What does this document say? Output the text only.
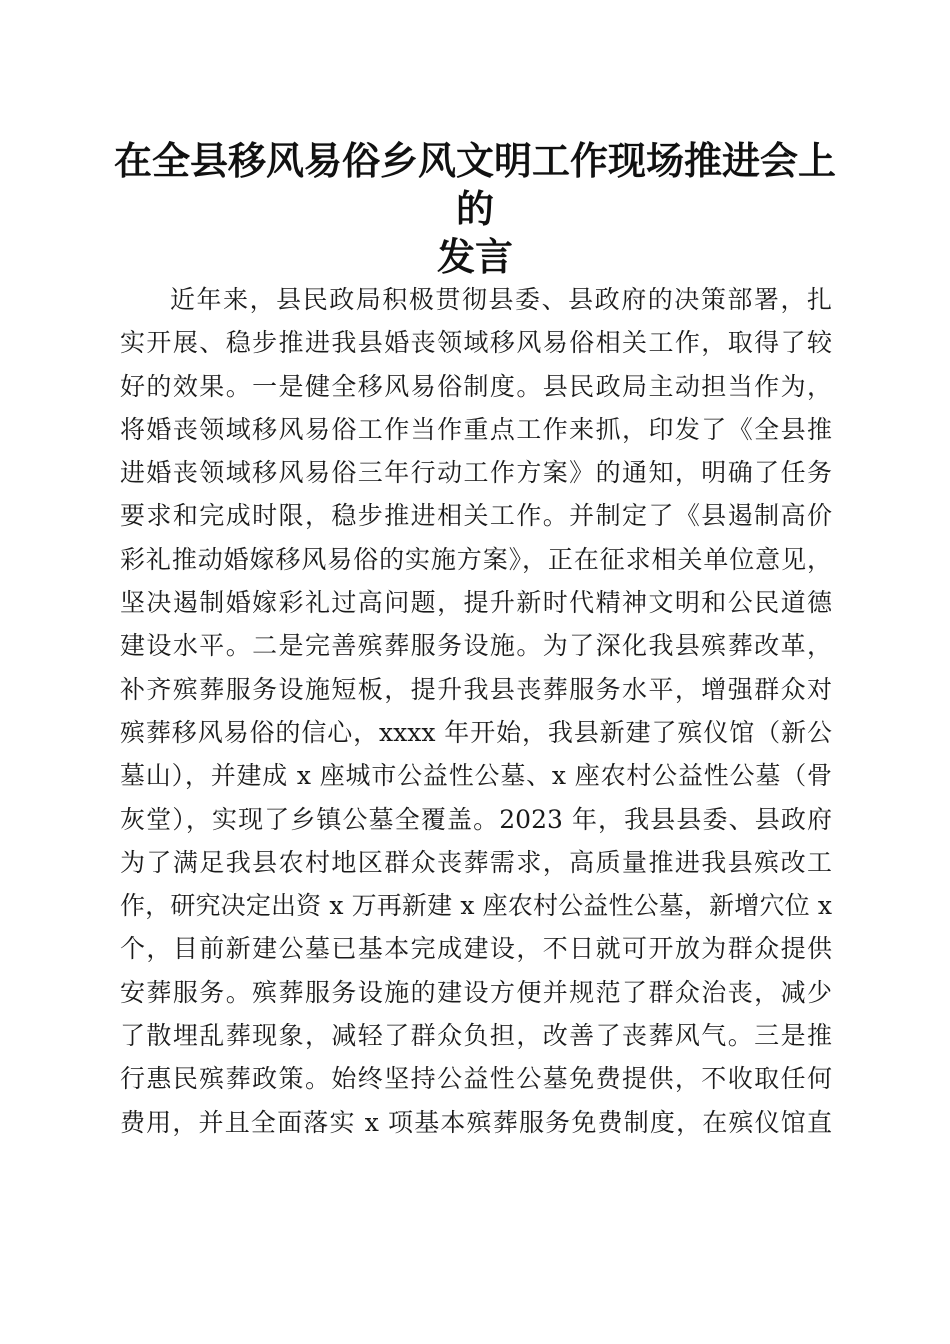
在全县移风易俗乡风文明工作现场推进会上的
发言
近年来，县民政局积极贯彻县委、县政府的决策部署，扎
实开展、稳步推进我县婚丧领域移风易俗相关工作，取得了较
好的效果。一是健全移风易俗制度。县民政局主动担当作为，
将婚丧领域移风易俗工作当作重点工作来抓，印发了《全县推
进婚丧领域移风易俗三年行动工作方案》的通知，明确了任务
要求和完成时限，稳步推进相关工作。并制定了《县遏制高价
彩礼推动婚嫁移风易俗的实施方案》，正在征求相关单位意见，
坚决遏制婚嫁彩礼过高问题，提升新时代精神文明和公民道德
建设水平。二是完善殡葬服务设施。为了深化我县殡葬改革，
补齐殡葬服务设施短板，提升我县丧葬服务水平，增强群众对
殡葬移风易俗的信心，xxxx 年开始，我县新建了殡仪馆（新公
墓山），并建成 x 座城市公益性公墓、x 座农村公益性公墓（骨
灰堂），实现了乡镇公墓全覆盖。2023 年，我县县委、县政府
为了满足我县农村地区群众丧葬需求，高质量推进我县殡改工
作，研究决定出资 x 万再新建 x 座农村公益性公墓，新增穴位 x
个，目前新建公墓已基本完成建设，不日就可开放为群众提供
安葬服务。殡葬服务设施的建设方便并规范了群众治丧，减少
了散埋乱葬现象，减轻了群众负担，改善了丧葬风气。三是推
行惠民殡葬政策。始终坚持公益性公墓免费提供，不收取任何
费用，并且全面落实 x 项基本殡葬服务免费制度，在殡仪馆直
